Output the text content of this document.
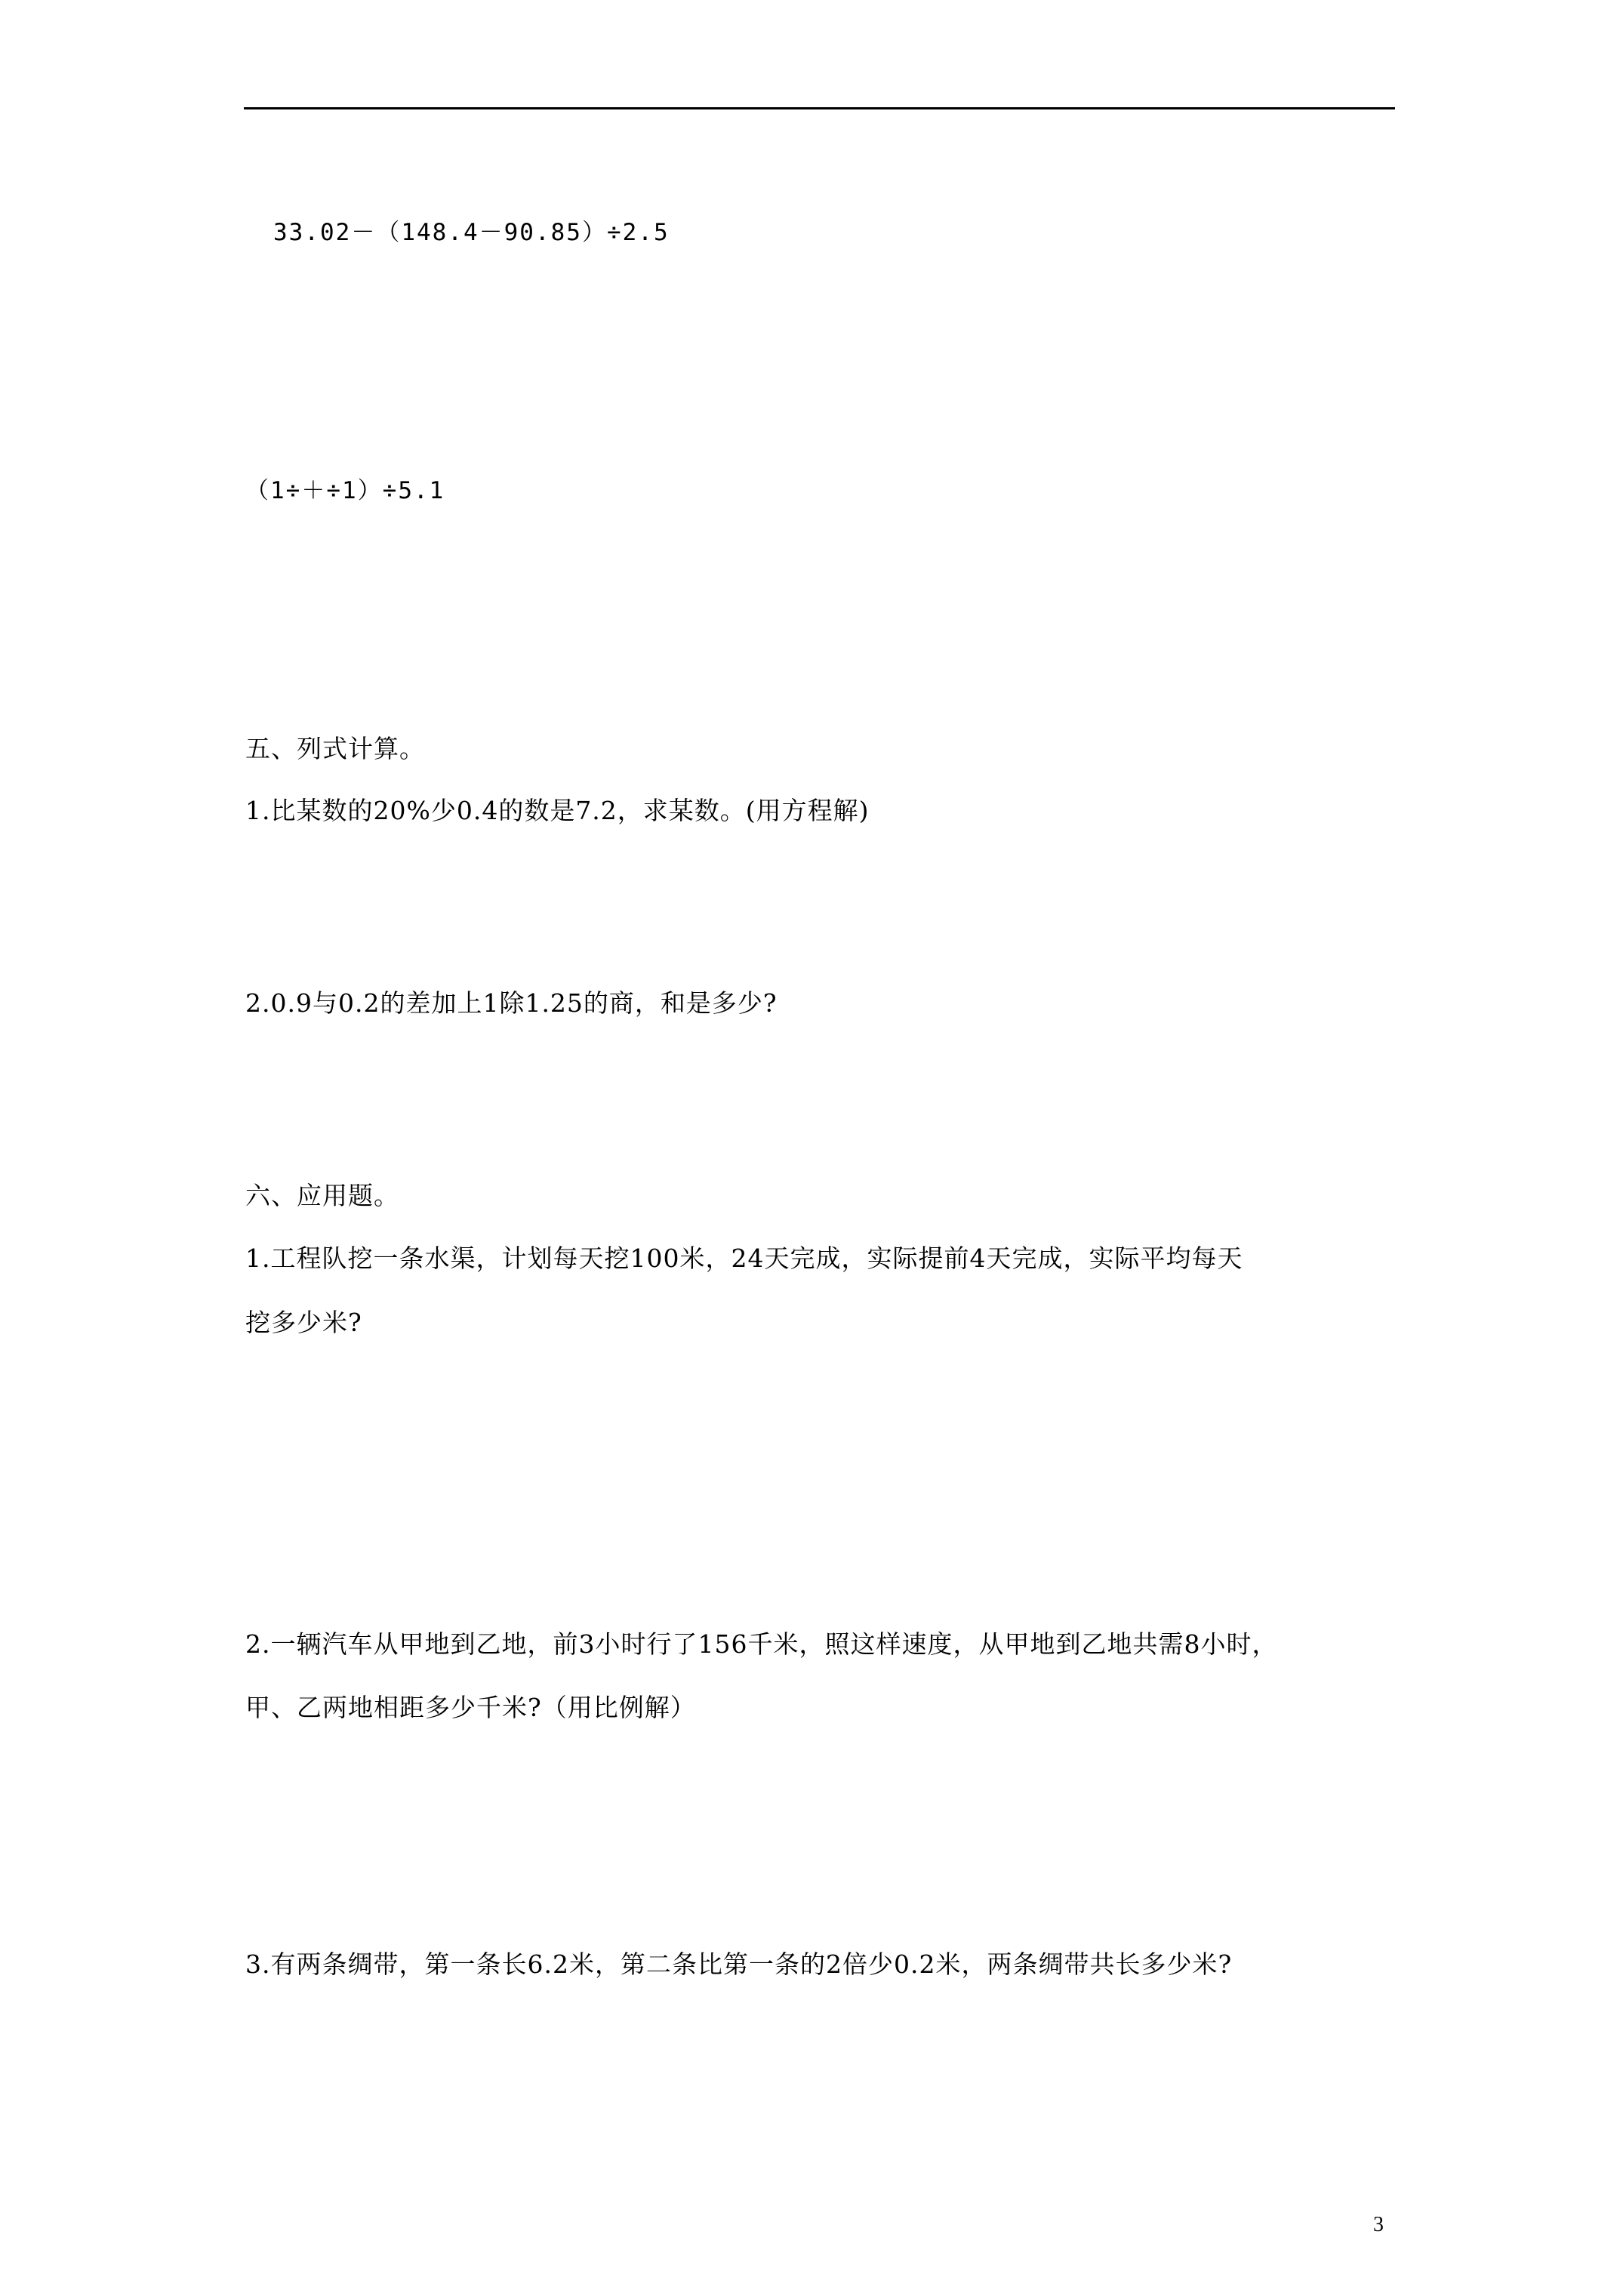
33.02－（148.4－90.85）÷2.5
（1÷＋÷1）÷5.1
五、列式计算。
1.比某数的20%少0.4的数是7.2，求某数。(用方程解)
2.0.9与0.2的差加上1除1.25的商，和是多少?
六、应用题。
1.工程队挖一条水渠，计划每天挖100米，24天完成，实际提前4天完成，实际平均每天
挖多少米?
2.一辆汽车从甲地到乙地，前3小时行了156千米，照这样速度，从甲地到乙地共需8小时，
甲、乙两地相距多少千米?（用比例解）
3.有两条绸带，第一条长6.2米，第二条比第一条的2倍少0.2米，两条绸带共长多少米?
3
